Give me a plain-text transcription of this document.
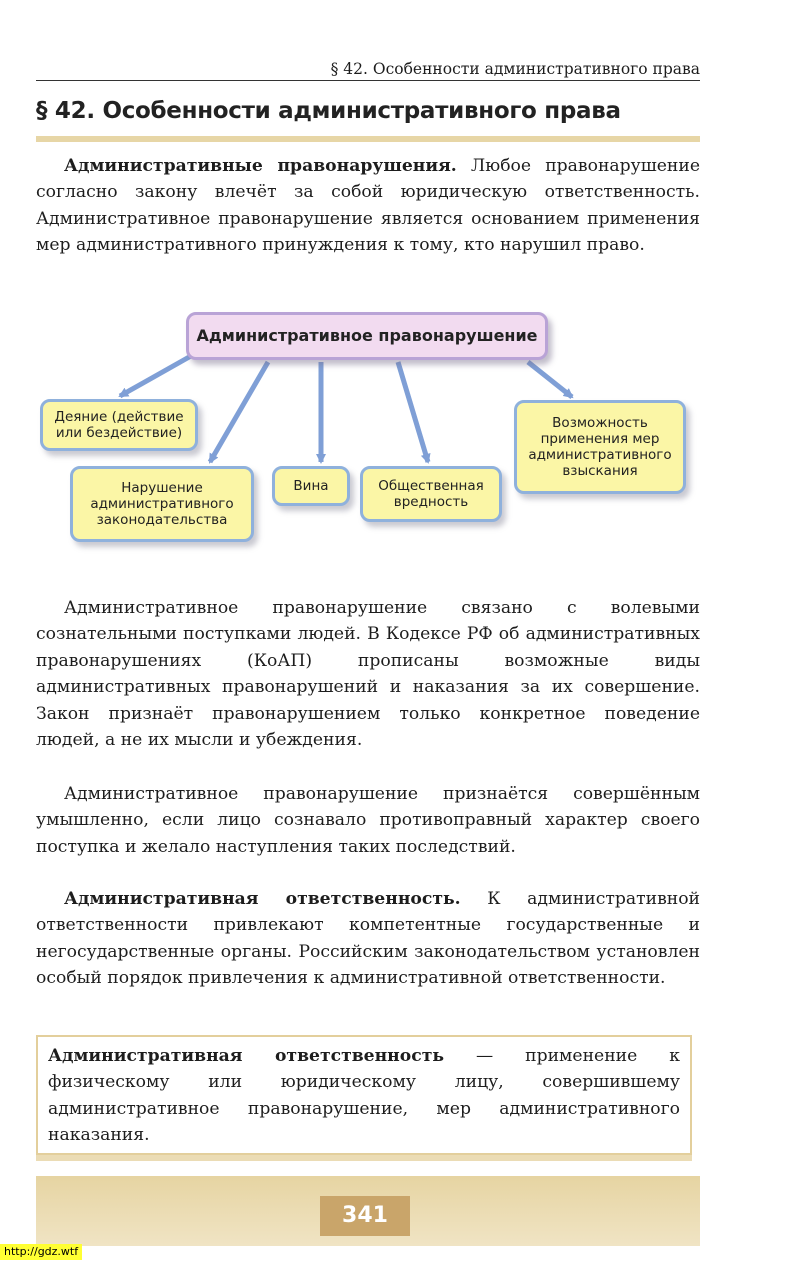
§ 42. Особенности административного права
§ 42. Особенности административного права

Административные правонарушения. Любое правонарушение согласно закону влечёт за собой юридическую ответственность. Административное правонарушение является основанием применения мер административного принуждения к тому, кто нарушил право.

Административное правонарушение
Деяние (действие или бездействие)
Нарушение административного законодательства
Вина	Общественная вредность
Возможность применения мер административного взыскания

Административное правонарушение связано с волевыми сознательными поступками людей. В Кодексе РФ об административных правонарушениях (КоАП) прописаны возможные виды административных правонарушений и наказания за их совершение. Закон признаёт правонарушением только конкретное поведение людей, а не их мысли и убеждения.

Административное правонарушение признаётся совершённым умышленно, если лицо сознавало противоправный характер своего поступка и желало наступления таких последствий.

Административная ответственность. К административной ответственности привлекают компетентные государственные и негосударственные органы. Российским законодательством установлен особый порядок привлечения к административной ответственности.

Административная ответственность — применение к физическому или юридическому лицу, совершившему административное правонарушение, мер административного наказания.
341
http://gdz.wtf
